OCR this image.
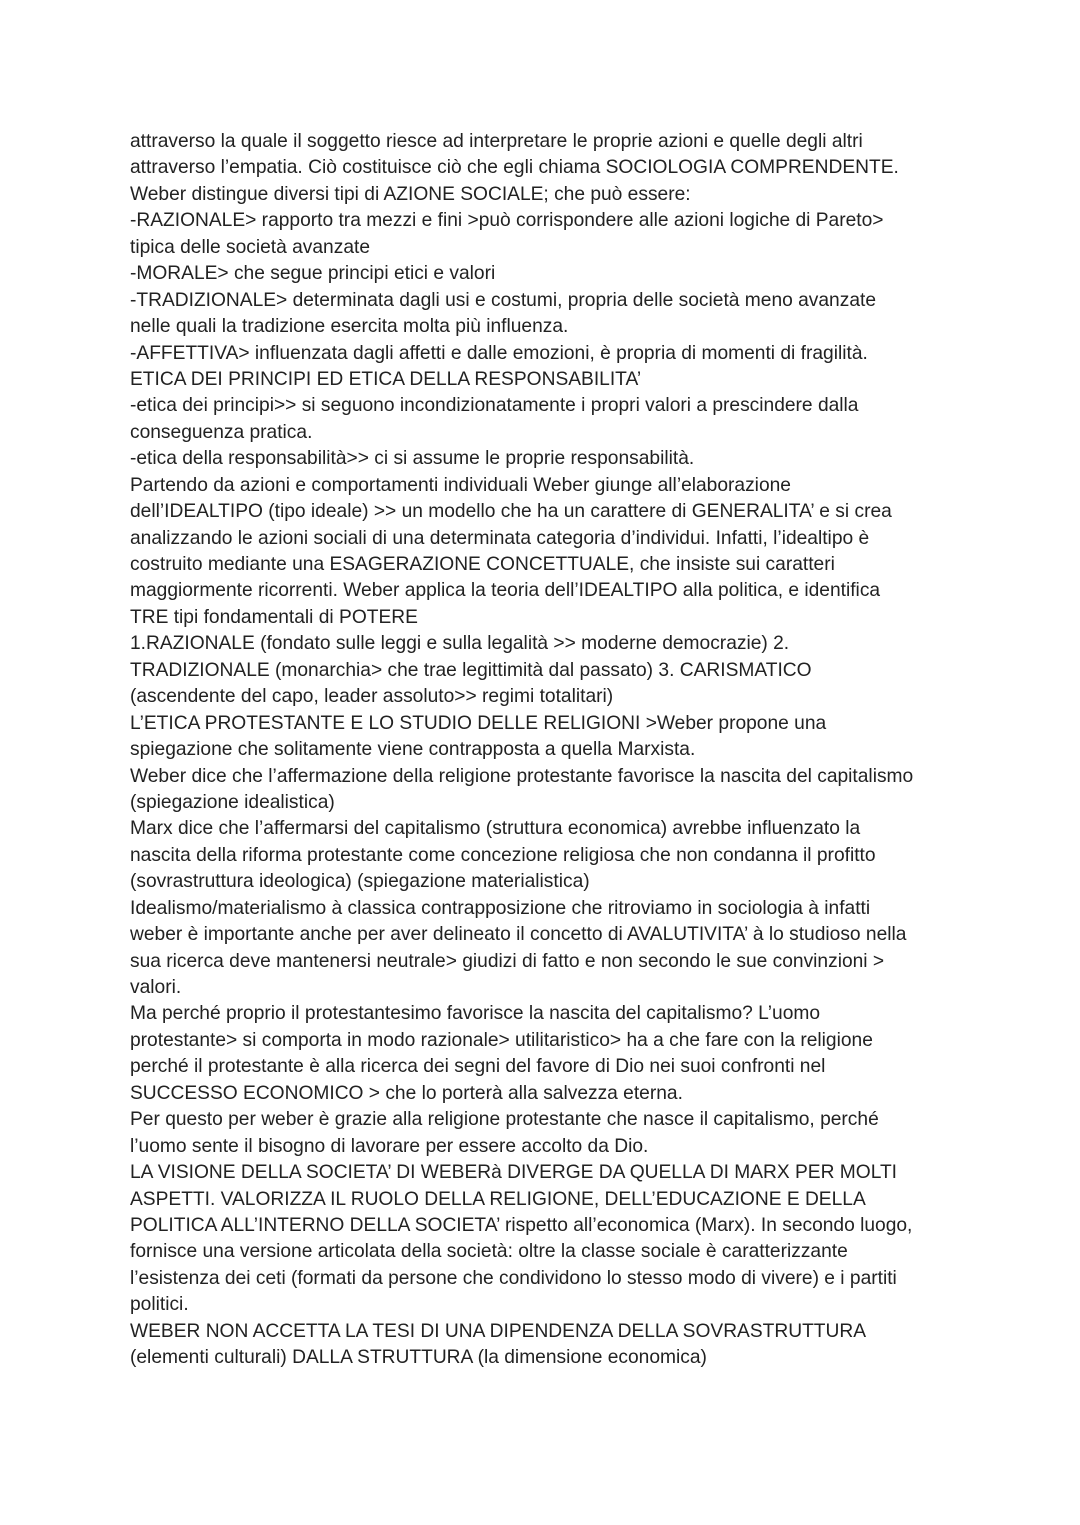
attraverso la quale il soggetto riesce ad interpretare le proprie azioni e quelle degli altri
attraverso l’empatia. Ciò costituisce ciò che egli chiama SOCIOLOGIA COMPRENDENTE.
Weber distingue diversi tipi di AZIONE SOCIALE; che può essere:
-RAZIONALE> rapporto tra mezzi e fini >può corrispondere alle azioni logiche di Pareto>
tipica delle società avanzate
-MORALE> che segue principi etici e valori
-TRADIZIONALE> determinata dagli usi e costumi, propria delle società meno avanzate
nelle quali la tradizione esercita molta più influenza.
-AFFETTIVA> influenzata dagli affetti e dalle emozioni, è propria di momenti di fragilità.
ETICA DEI PRINCIPI ED ETICA DELLA RESPONSABILITA’
-etica dei principi>> si seguono incondizionatamente i propri valori a prescindere dalla
conseguenza pratica.
-etica della responsabilità>> ci si assume le proprie responsabilità.
Partendo da azioni e comportamenti individuali Weber giunge all’elaborazione
dell’IDEALTIPO (tipo ideale) >> un modello che ha un carattere di GENERALITA’ e si crea
analizzando le azioni sociali di una determinata categoria d’individui. Infatti, l’idealtipo è
costruito mediante una ESAGERAZIONE CONCETTUALE, che insiste sui caratteri
maggiormente ricorrenti. Weber applica la teoria dell’IDEALTIPO alla politica, e identifica
TRE tipi fondamentali di POTERE
1.RAZIONALE (fondato sulle leggi e sulla legalità >> moderne democrazie) 2.
TRADIZIONALE (monarchia> che trae legittimità dal passato) 3. CARISMATICO
(ascendente del capo, leader assoluto>> regimi totalitari)
L’ETICA PROTESTANTE E LO STUDIO DELLE RELIGIONI >Weber propone una
spiegazione che solitamente viene contrapposta a quella Marxista.
Weber dice che l’affermazione della religione protestante favorisce la nascita del capitalismo
(spiegazione idealistica)
Marx dice che l’affermarsi del capitalismo (struttura economica) avrebbe influenzato la
nascita della riforma protestante come concezione religiosa che non condanna il profitto
(sovrastruttura ideologica) (spiegazione materialistica)
Idealismo/materialismo à classica contrapposizione che ritroviamo in sociologia à infatti
weber è importante anche per aver delineato il concetto di AVALUTIVITA’ à lo studioso nella
sua ricerca deve mantenersi neutrale> giudizi di fatto e non secondo le sue convinzioni >
valori.
Ma perché proprio il protestantesimo favorisce la nascita del capitalismo? L’uomo
protestante> si comporta in modo razionale> utilitaristico> ha a che fare con la religione
perché il protestante è alla ricerca dei segni del favore di Dio nei suoi confronti nel
SUCCESSO ECONOMICO > che lo porterà alla salvezza eterna.
Per questo per weber è grazie alla religione protestante che nasce il capitalismo, perché
l’uomo sente il bisogno di lavorare per essere accolto da Dio.
LA VISIONE DELLA SOCIETA’ DI WEBERà DIVERGE DA QUELLA DI MARX PER MOLTI
ASPETTI. VALORIZZA IL RUOLO DELLA RELIGIONE, DELL’EDUCAZIONE E DELLA
POLITICA ALL’INTERNO DELLA SOCIETA’ rispetto all’economica (Marx). In secondo luogo,
fornisce una versione articolata della società: oltre la classe sociale è caratterizzante
l’esistenza dei ceti (formati da persone che condividono lo stesso modo di vivere) e i partiti
politici.
WEBER NON ACCETTA LA TESI DI UNA DIPENDENZA DELLA SOVRASTRUTTURA
(elementi culturali) DALLA STRUTTURA (la dimensione economica)
